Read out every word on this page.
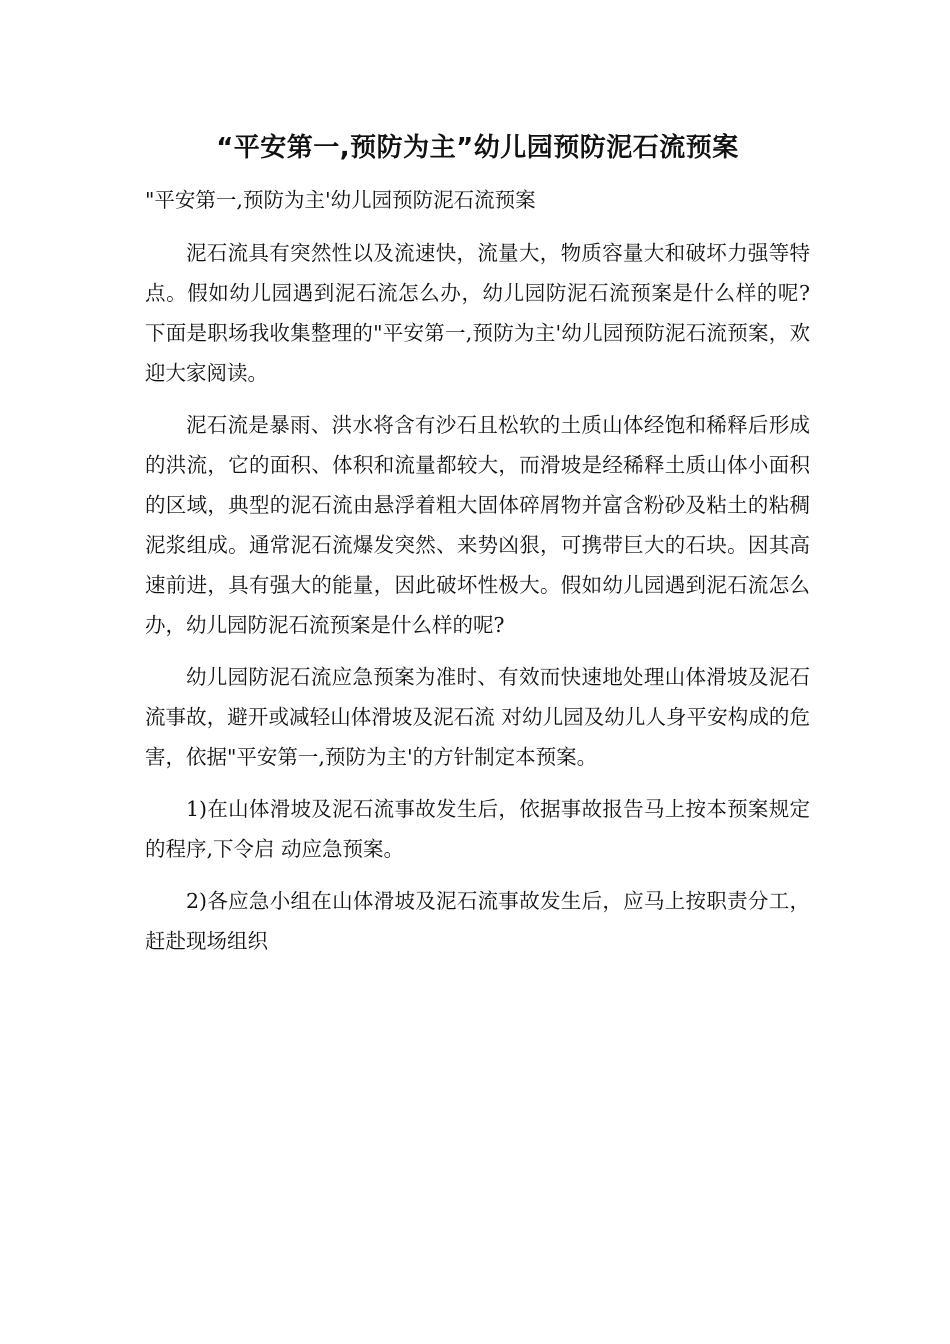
“平安第一,预防为主”幼儿园预防泥石流预案
"平安第一,预防为主'幼儿园预防泥石流预案

泥石流具有突然性以及流速快，流量大，物质容量大和破坏力强等特点。假如幼儿园遇到泥石流怎么办，幼儿园防泥石流预案是什么样的呢?下面是职场我收集整理的"平安第一,预防为主'幼儿园预防泥石流预案，欢迎大家阅读。

泥石流是暴雨、洪水将含有沙石且松软的土质山体经饱和稀释后形成的洪流，它的面积、体积和流量都较大，而滑坡是经稀释土质山体小面积的区域，典型的泥石流由悬浮着粗大固体碎屑物并富含粉砂及粘土的粘稠泥浆组成。通常泥石流爆发突然、来势凶狠，可携带巨大的石块。因其高速前进，具有强大的能量，因此破坏性极大。假如幼儿园遇到泥石流怎么办，幼儿园防泥石流预案是什么样的呢?

幼儿园防泥石流应急预案为准时、有效而快速地处理山体滑坡及泥石流事故，避开或减轻山体滑坡及泥石流 对幼儿园及幼儿人身平安构成的危害，依据"平安第一,预防为主'的方针制定本预案。

1)在山体滑坡及泥石流事故发生后，依据事故报告马上按本预案规定的程序,下令启 动应急预案。

2)各应急小组在山体滑坡及泥石流事故发生后，应马上按职责分工，赶赴现场组织
